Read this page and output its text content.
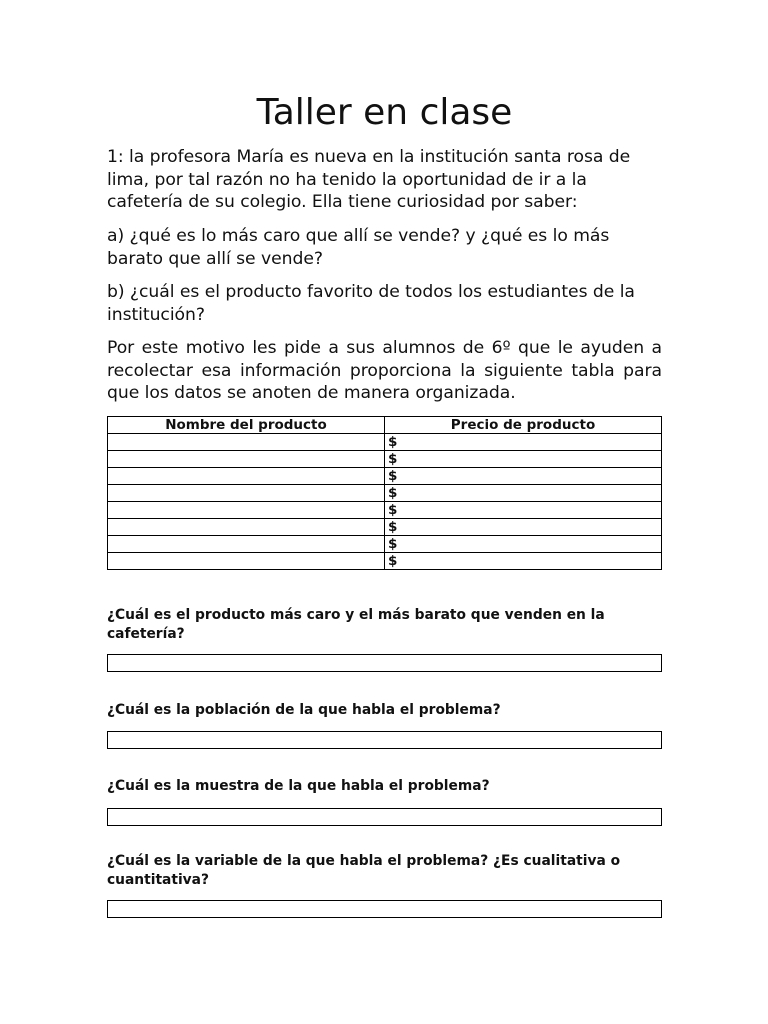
Taller en clase

1: la profesora María es nueva en la institución santa rosa de lima, por tal razón no ha tenido la oportunidad de ir a la cafetería de su colegio. Ella tiene curiosidad por saber:

a) ¿qué es lo más caro que allí se vende? y ¿qué es lo más barato que allí se vende?

b) ¿cuál es el producto favorito de todos los estudiantes de la institución?

Por este motivo les pide a sus alumnos de 6º que le ayuden a recolectar esa información proporciona la siguiente tabla para que los datos se anoten de manera organizada.

Nombre del producto	Precio de producto
	$
	$
	$
	$
	$
	$
	$
	$

¿Cuál es el producto más caro y el más barato que venden en la cafetería?

¿Cuál es la población de la que habla el problema?

¿Cuál es la muestra de la que habla el problema?

¿Cuál es la variable de la que habla el problema? ¿Es cualitativa o cuantitativa?
